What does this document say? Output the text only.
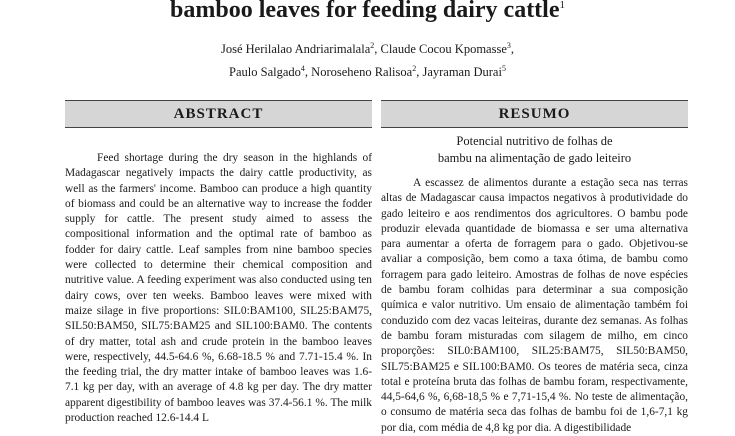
bamboo leaves for feeding dairy cattle$^1$
José Herilalao Andriarimalala$^2$, Claude Cocou Kpomasse$^3$,
Paulo Salgado$^4$, Noroseheno Ralisoa$^2$, Jayraman Durai$^5$
ABSTRACT	RESUMO

Feed shortage during the dry season in the highlands of Madagascar negatively impacts the dairy cattle productivity, as well as the farmers' income. Bamboo can produce a high quantity of biomass and could be an alternative way to increase the fodder supply for cattle. The present study aimed to assess the compositional information and the optimal rate of bamboo as fodder for dairy cattle. Leaf samples from nine bamboo species were collected to determine their chemical composition and nutritive value. A feeding experiment was also conducted using ten dairy cows, over ten weeks. Bamboo leaves were mixed with maize silage in five proportions: SIL0:BAM100, SIL25:BAM75, SIL50:BAM50, SIL75:BAM25 and SIL100:BAM0. The contents of dry matter, total ash and crude protein in the bamboo leaves were, respectively, 44.5-64.6 %, 6.68-18.5 % and 7.71-15.4 %. In the feeding trial, the dry matter intake of bamboo leaves was 1.6-7.1 kg per day, with an average of 4.8 kg per day. The dry matter apparent digestibility of bamboo leaves was 37.4-56.1 %. The milk production reached 12.6-14.4 L

Potencial nutritivo de folhas de
bambu na alimentação de gado leiteiro

A escassez de alimentos durante a estação seca nas terras altas de Madagascar causa impactos negativos à produtividade do gado leiteiro e aos rendimentos dos agricultores. O bambu pode produzir elevada quantidade de biomassa e ser uma alternativa para aumentar a oferta de forragem para o gado. Objetivou-se avaliar a composição, bem como a taxa ótima, de bambu como forragem para gado leiteiro. Amostras de folhas de nove espécies de bambu foram colhidas para determinar a sua composição química e valor nutritivo. Um ensaio de alimentação também foi conduzido com dez vacas leiteiras, durante dez semanas. As folhas de bambu foram misturadas com silagem de milho, em cinco proporções: SIL0:BAM100, SIL25:BAM75, SIL50:BAM50, SIL75:BAM25 e SIL100:BAM0. Os teores de matéria seca, cinza total e proteína bruta das folhas de bambu foram, respectivamente, 44,5-64,6 %, 6,68-18,5 % e 7,71-15,4 %. No teste de alimentação, o consumo de matéria seca das folhas de bambu foi de 1,6-7,1 kg por dia, com média de 4,8 kg por dia. A digestibilidade
